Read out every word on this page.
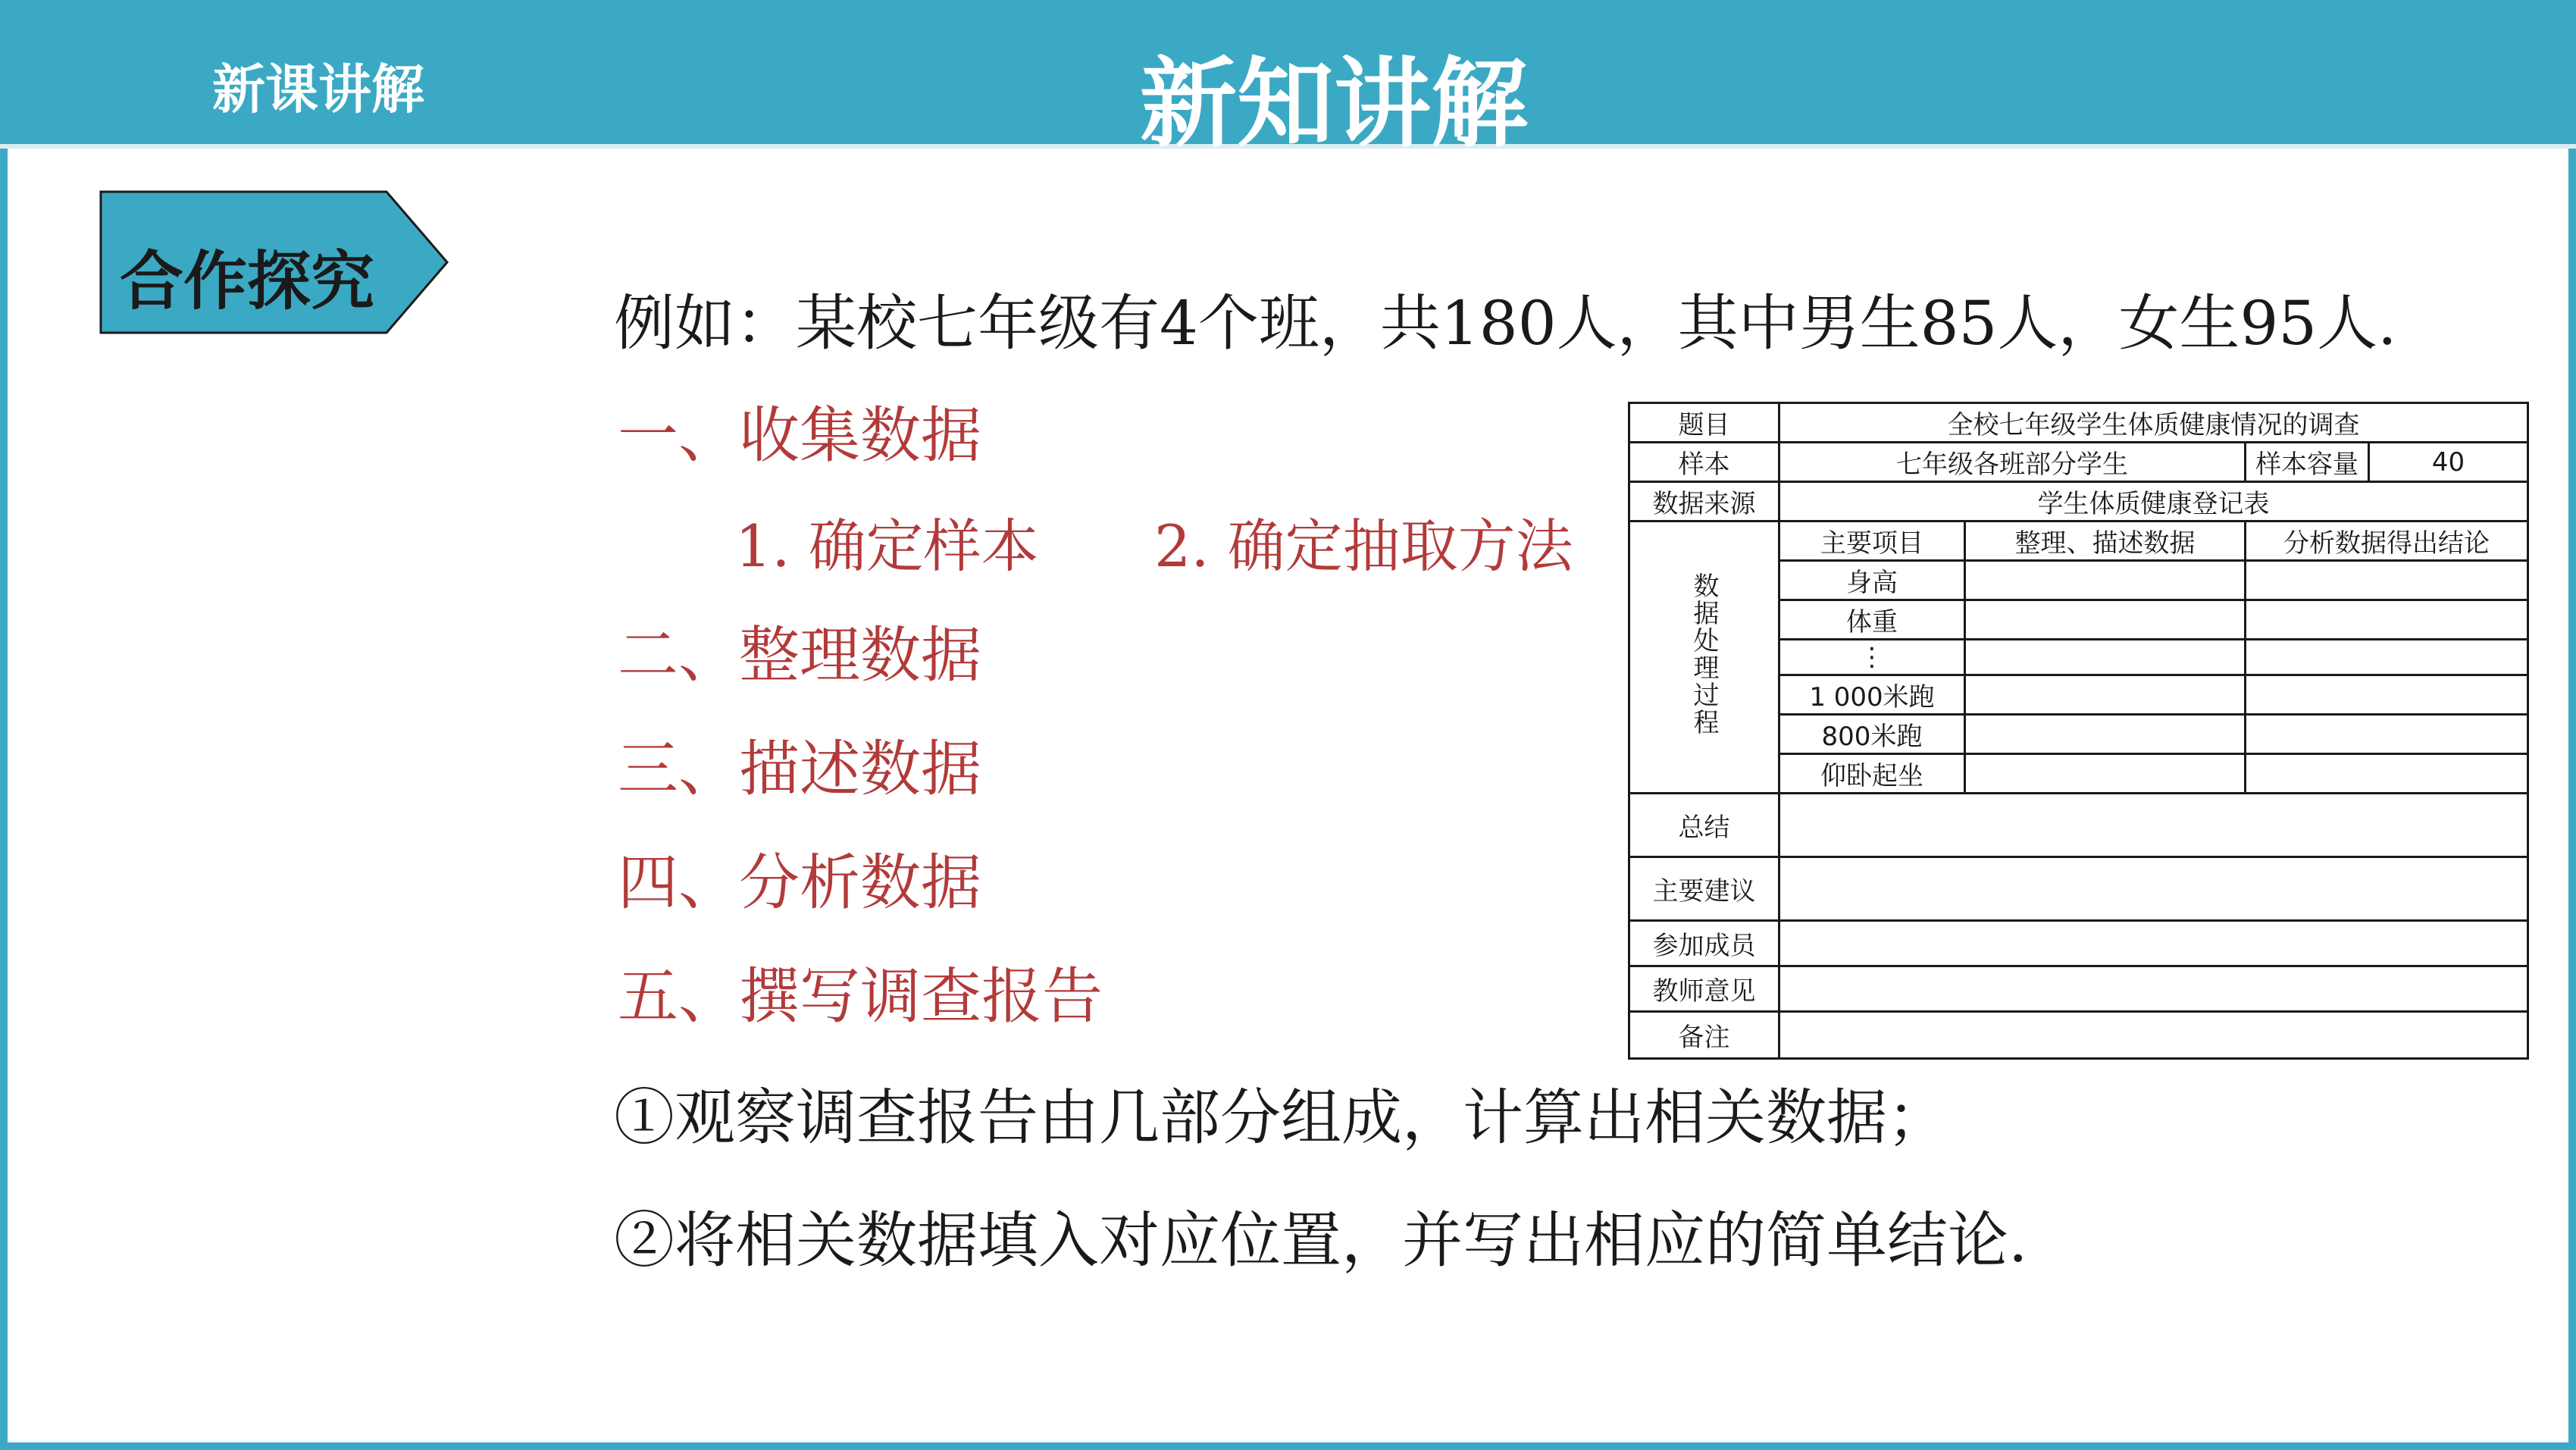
新课讲解	新知讲解
合作探究
例如：某校七年级有4个班，共180人，其中男生85人，女生95人.
一、收集数据
1. 确定样本 2. 确定抽取方法
二、整理数据
三、描述数据
四、分析数据
五、撰写调查报告
①观察调查报告由几部分组成，计算出相关数据；
②将相关数据填入对应位置，并写出相应的简单结论.
题目	全校七年级学生体质健康情况的调查			
样本	七年级各班部分学生		样本容量	40
数据来源	学生体质健康登记表			
数据处理过程	主要项目	整理、描述数据	分析数据得出结论	
	身高			
	体重			
	⋮			
	1 000米跑			
	800米跑			
	仰卧起坐			
总结				
主要建议				
参加成员				
教师意见				
备注				
